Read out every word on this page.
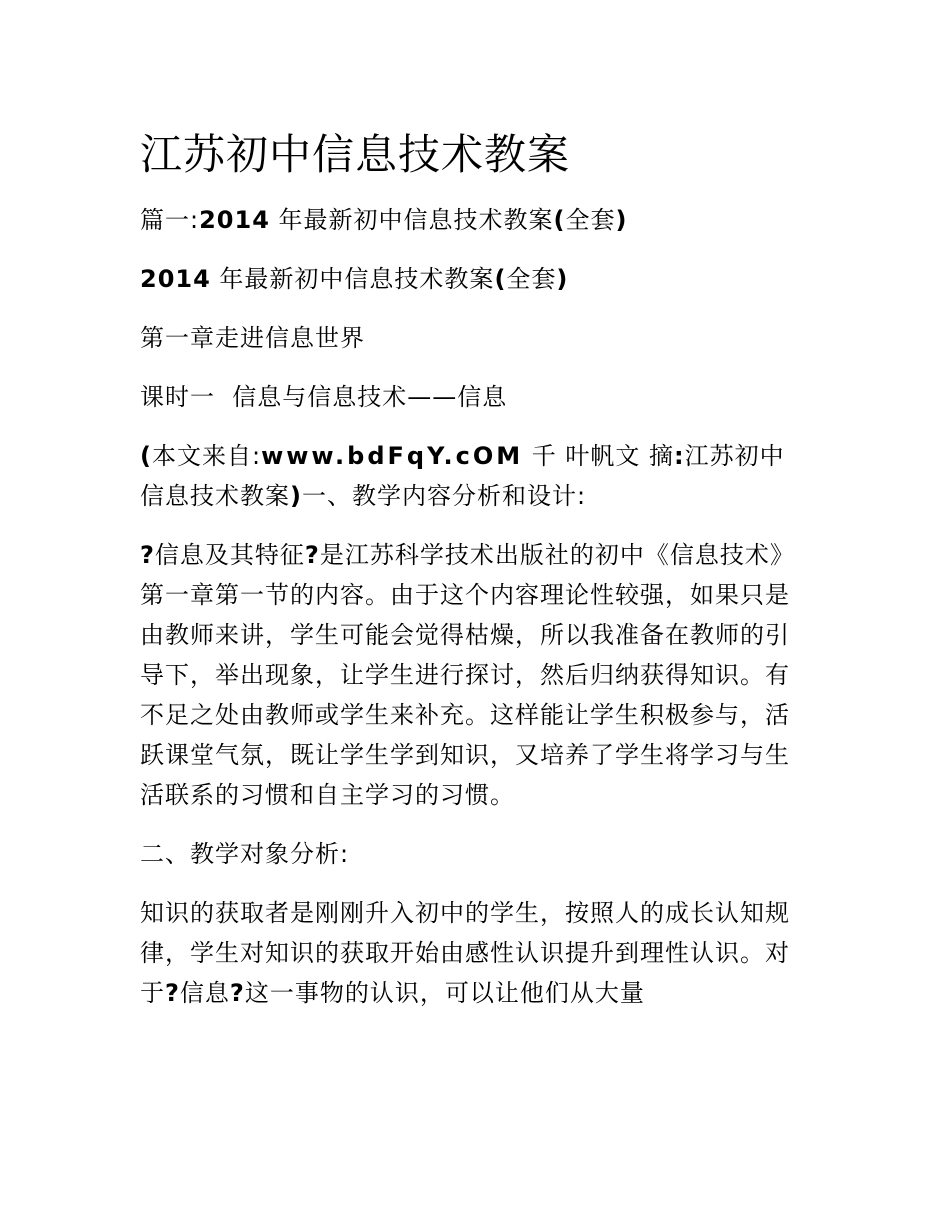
江苏初中信息技术教案

篇一:2014 年最新初中信息技术教案(全套)

2014 年最新初中信息技术教案(全套)

第一章走进信息世界

课时一  信息与信息技术——信息

(本文来自:www.bdFqY.cOM 千 叶帆文 摘:江苏初中
信息技术教案)一、教学内容分析和设计:

?信息及其特征?是江苏科学技术出版社的初中《信息技术》第一章第一节的内容。由于这个内容理论性较强，如果只是由教师来讲，学生可能会觉得枯燥，所以我准备在教师的引导下，举出现象，让学生进行探讨，然后归纳获得知识。有不足之处由教师或学生来补充。这样能让学生积极参与，活跃课堂气氛，既让学生学到知识，又培养了学生将学习与生活联系的习惯和自主学习的习惯。

二、教学对象分析:

知识的获取者是刚刚升入初中的学生，按照人的成长认知规律，学生对知识的获取开始由感性认识提升到理性认识。对于?信息?这一事物的认识，可以让他们从大量
